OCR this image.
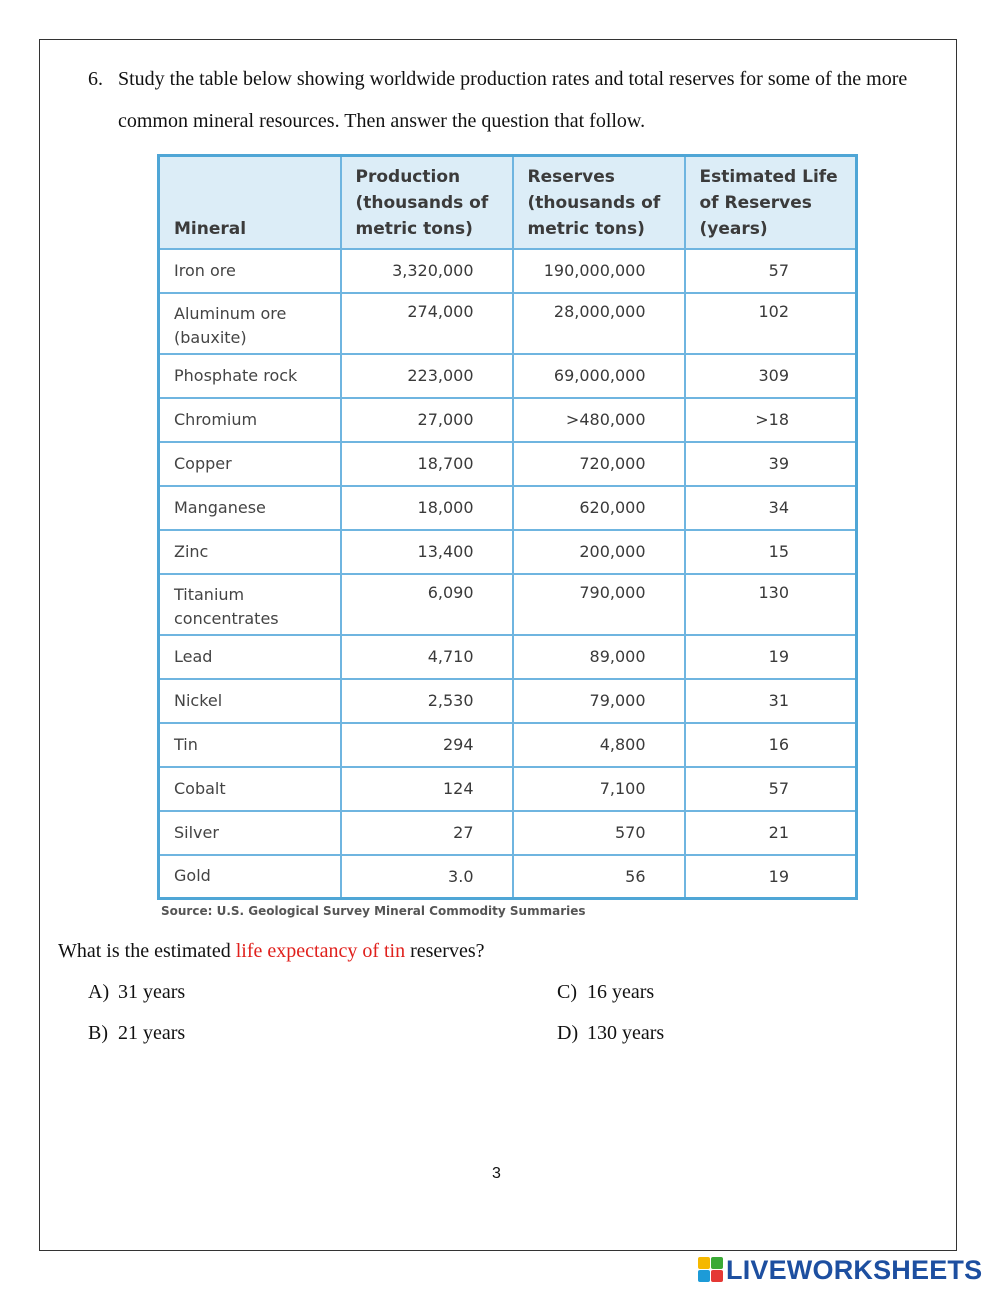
6. Study the table below showing worldwide production rates and total reserves for some of the more common mineral resources. Then answer the question that follow.
Mineral	Production (thousands of metric tons)	Reserves (thousands of metric tons)	Estimated Life of Reserves (years)
Iron ore	3,320,000	190,000,000	57
Aluminum ore (bauxite)	274,000	28,000,000	102
Phosphate rock	223,000	69,000,000	309
Chromium	27,000	>480,000	>18
Copper	18,700	720,000	39
Manganese	18,000	620,000	34
Zinc	13,400	200,000	15
Titanium concentrates	6,090	790,000	130
Lead	4,710	89,000	19
Nickel	2,530	79,000	31
Tin	294	4,800	16
Cobalt	124	7,100	57
Silver	27	570	21
Gold	3.0	56	19
Source: U.S. Geological Survey Mineral Commodity Summaries
What is the estimated life expectancy of tin reserves?
A) 31 years
B) 21 years
C) 16 years
D) 130 years
3
LIVEWORKSHEETS
